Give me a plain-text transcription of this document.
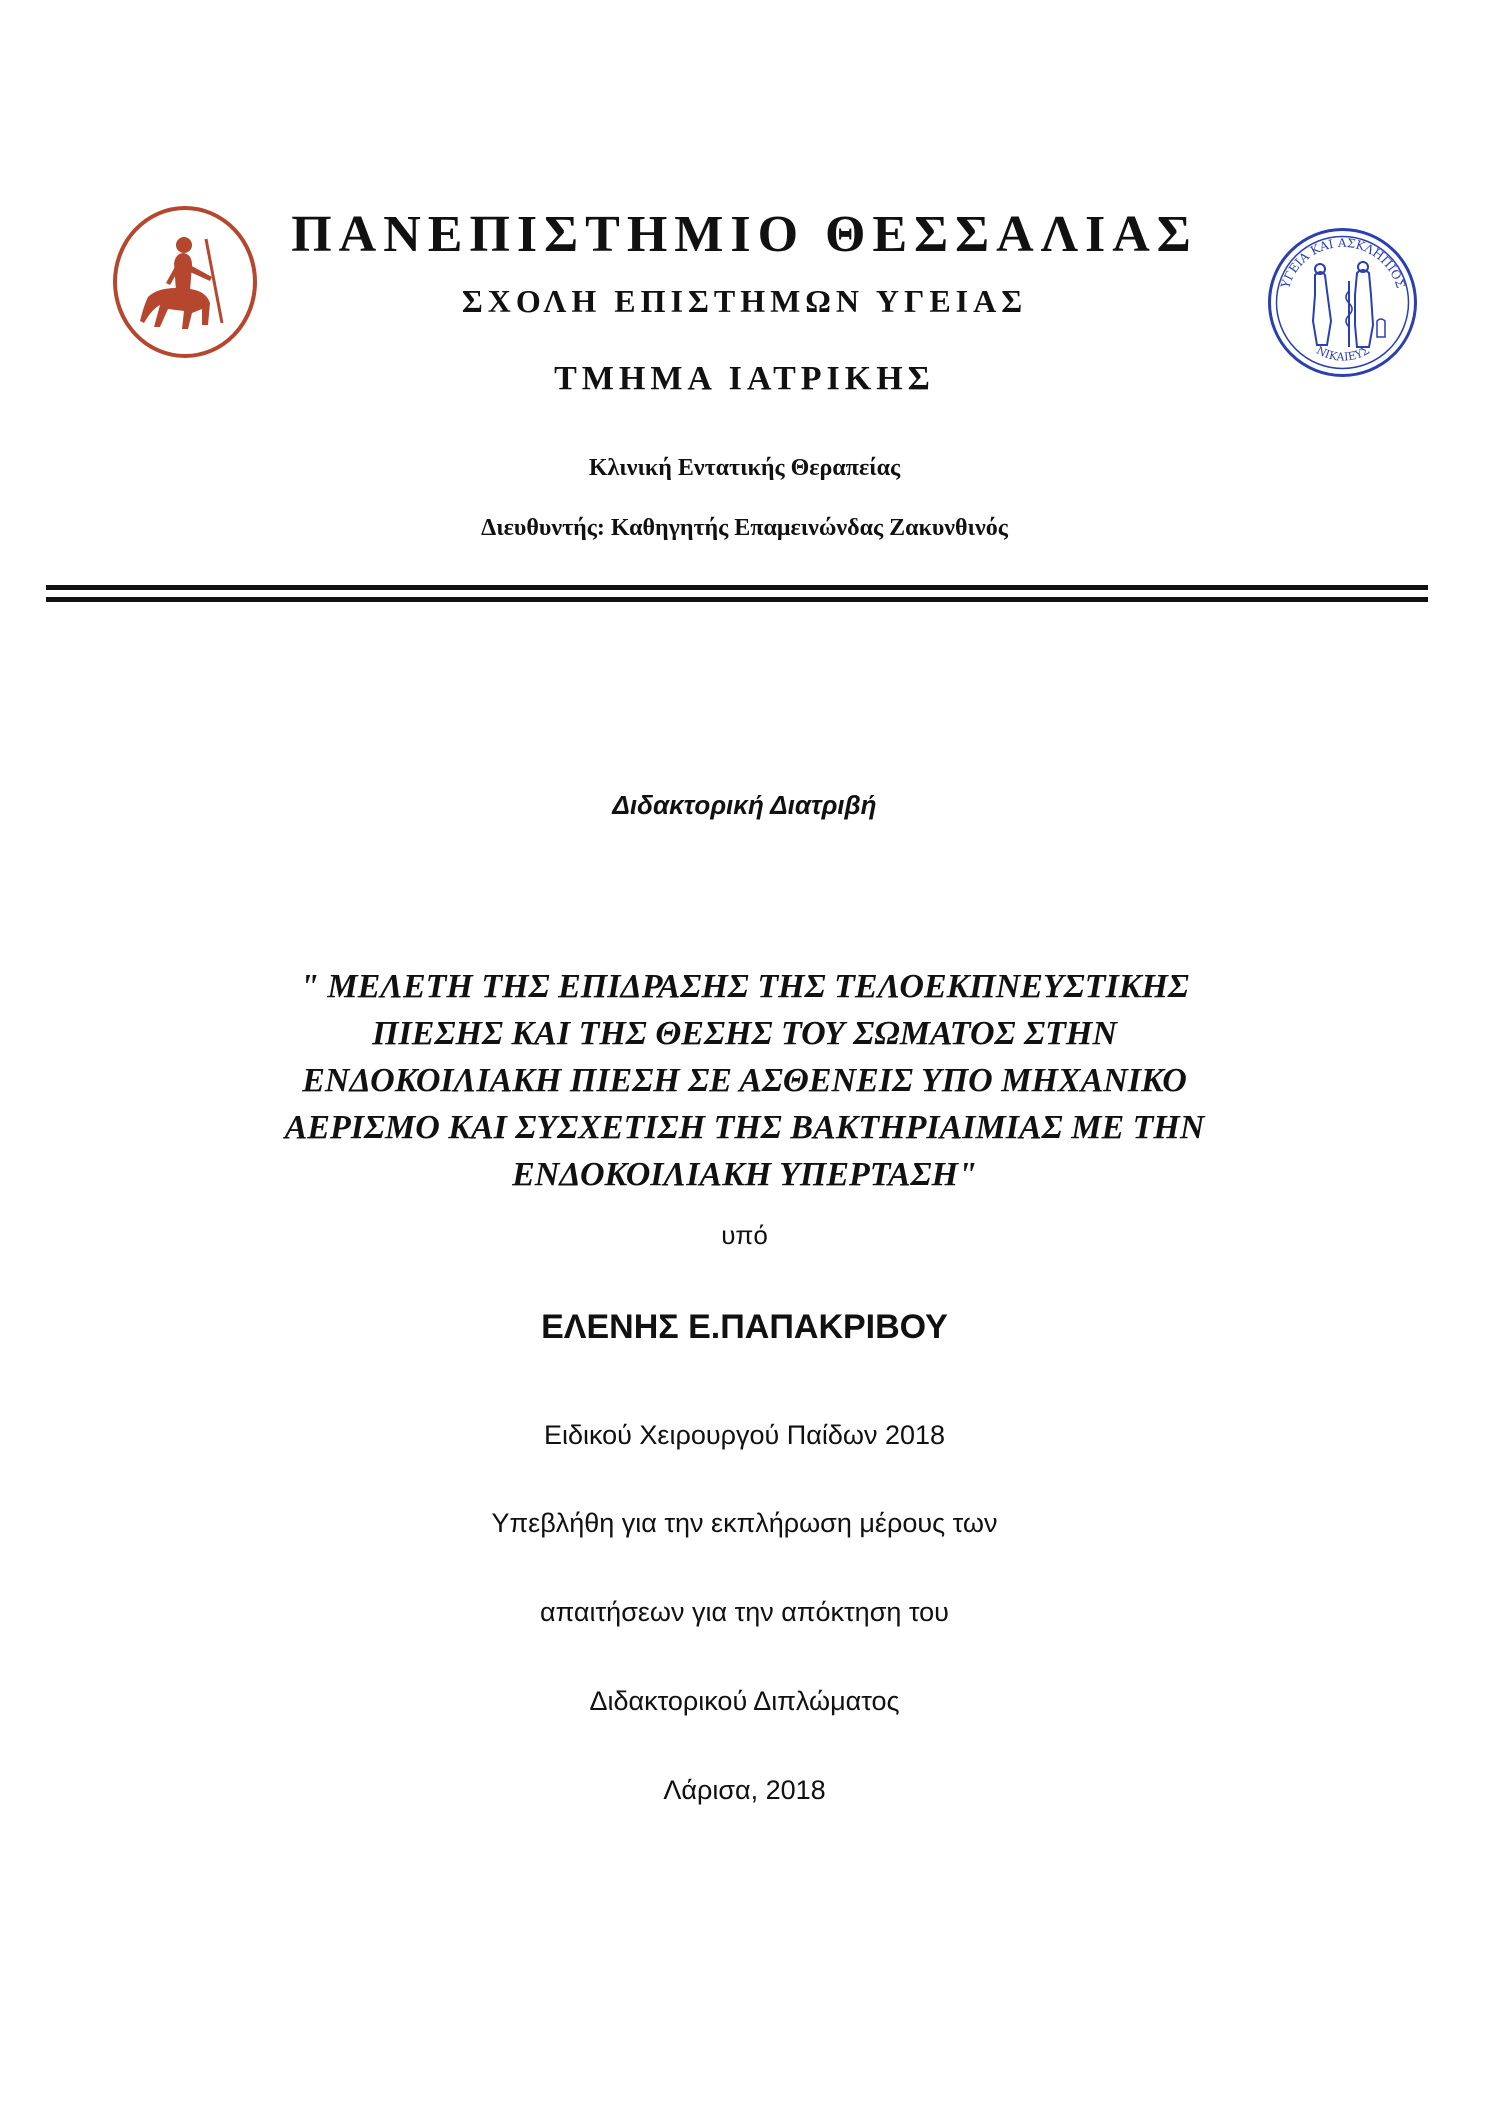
ΥΓΕΙΑ ΚΑΙ ΑΣΚΛΗΠΙΟΣ
ΝΙΚΑΙΕΥΣ
ΠΑΝΕΠΙΣΤΗΜΙΟ ΘΕΣΣΑΛΙΑΣ
ΣΧΟΛΗ ΕΠΙΣΤΗΜΩΝ ΥΓΕΙΑΣ
ΤΜΗΜΑ ΙΑΤΡΙΚΗΣ
Κλινική Εντατικής Θεραπείας
Διευθυντής: Καθηγητής Επαμεινώνδας Ζακυνθινός
Διδακτορική Διατριβή
" ΜΕΛΕΤΗ ΤΗΣ ΕΠΙΔΡΑΣΗΣ ΤΗΣ ΤΕΛΟΕΚΠΝΕΥΣΤΙΚΗΣ
ΠΙΕΣΗΣ ΚΑΙ ΤΗΣ ΘΕΣΗΣ ΤΟΥ ΣΩΜΑΤΟΣ ΣΤΗΝ
ΕΝΔΟΚΟΙΛΙΑΚΗ ΠΙΕΣΗ ΣΕ ΑΣΘΕΝΕΙΣ ΥΠΟ ΜΗΧΑΝΙΚΟ
ΑΕΡΙΣΜΟ ΚΑΙ ΣΥΣΧΕΤΙΣΗ ΤΗΣ ΒΑΚΤΗΡΙΑΙΜΙΑΣ ΜΕ ΤΗΝ
ΕΝΔΟΚΟΙΛΙΑΚΗ ΥΠΕΡΤΑΣΗ"
υπό
ΕΛΕΝΗΣ Ε.ΠΑΠΑΚΡΙΒΟΥ
Ειδικού Χειρουργού Παίδων 2018
Υπεβλήθη για την εκπλήρωση μέρους των
απαιτήσεων για την απόκτηση του
Διδακτορικού Διπλώματος
Λάρισα, 2018
